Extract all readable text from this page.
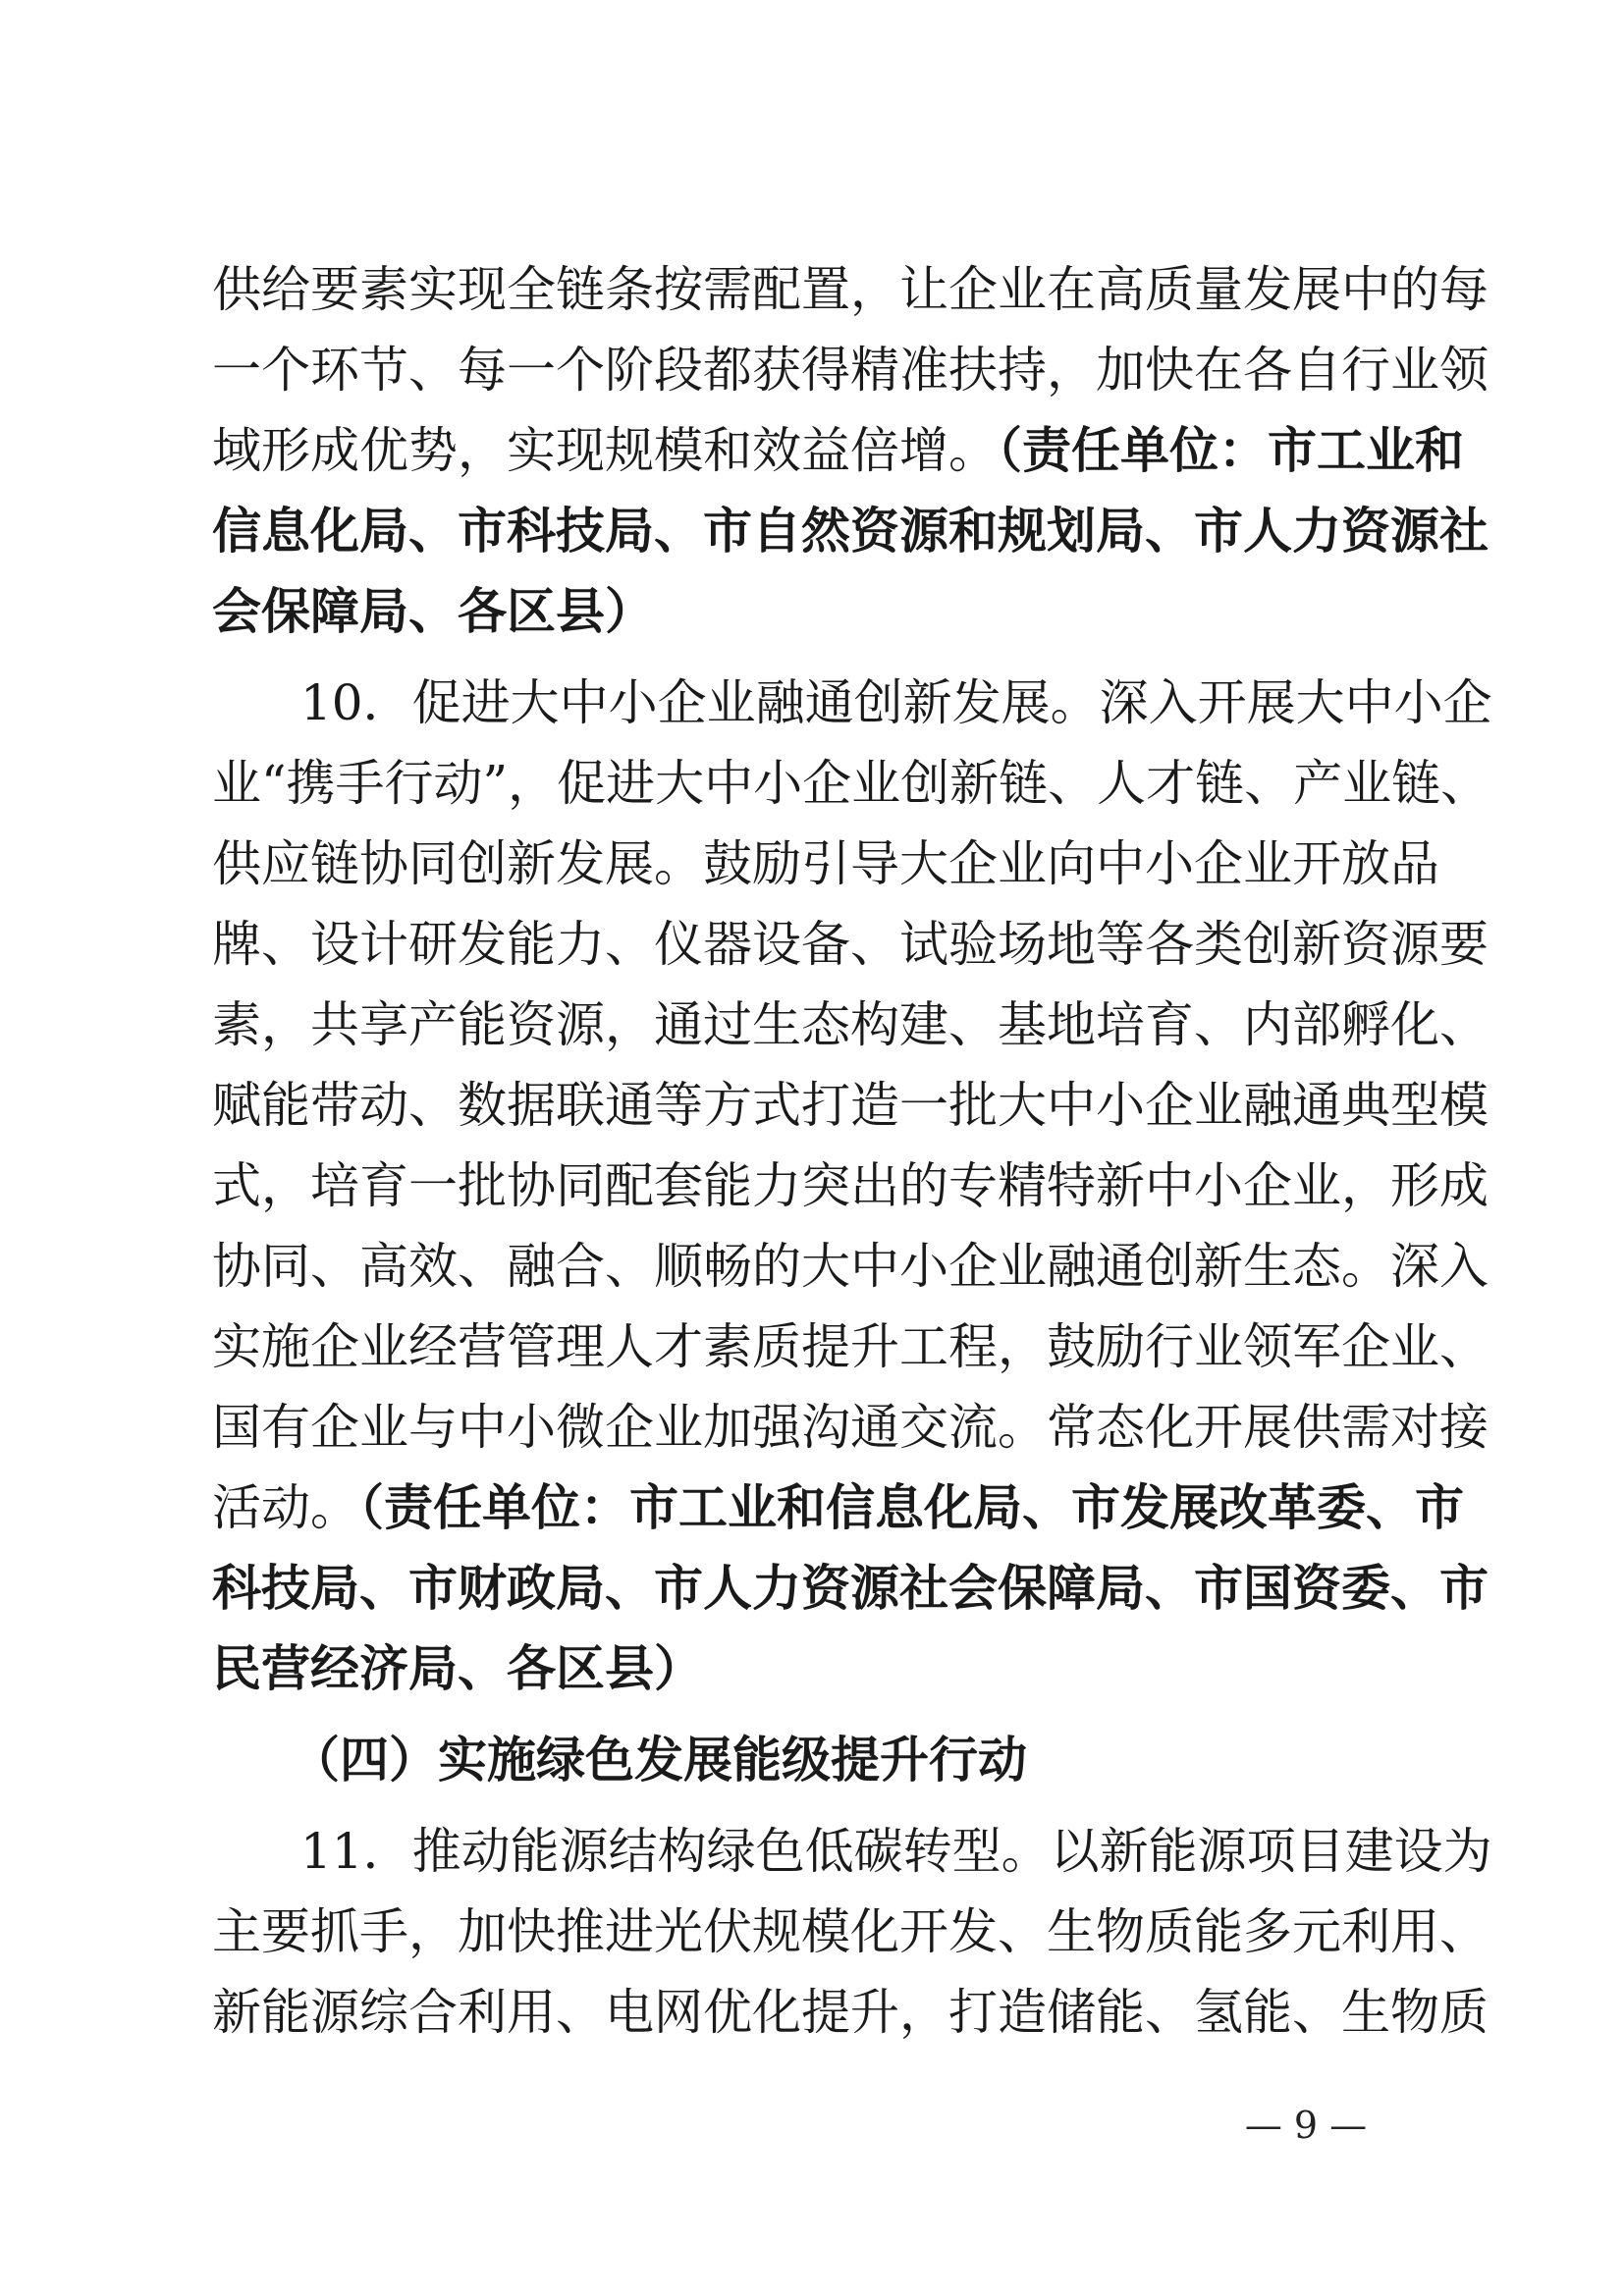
供给要素实现全链条按需配置，让企业在高质量发展中的每
一个环节、每一个阶段都获得精准扶持，加快在各自行业领
域形成优势，实现规模和效益倍增。（责任单位：市工业和
信息化局、市科技局、市自然资源和规划局、市人力资源社
会保障局、各区县）
10．促进大中小企业融通创新发展。深入开展大中小企
业“携手行动”，促进大中小企业创新链、人才链、产业链、
供应链协同创新发展。鼓励引导大企业向中小企业开放品
牌、设计研发能力、仪器设备、试验场地等各类创新资源要
素，共享产能资源，通过生态构建、基地培育、内部孵化、
赋能带动、数据联通等方式打造一批大中小企业融通典型模
式，培育一批协同配套能力突出的专精特新中小企业，形成
协同、高效、融合、顺畅的大中小企业融通创新生态。深入
实施企业经营管理人才素质提升工程，鼓励行业领军企业、
国有企业与中小微企业加强沟通交流。常态化开展供需对接
活动。（责任单位：市工业和信息化局、市发展改革委、市
科技局、市财政局、市人力资源社会保障局、市国资委、市
民营经济局、各区县）
（四）实施绿色发展能级提升行动
11．推动能源结构绿色低碳转型。以新能源项目建设为
主要抓手，加快推进光伏规模化开发、生物质能多元利用、
新能源综合利用、电网优化提升，打造储能、氢能、生物质
— 9 —
